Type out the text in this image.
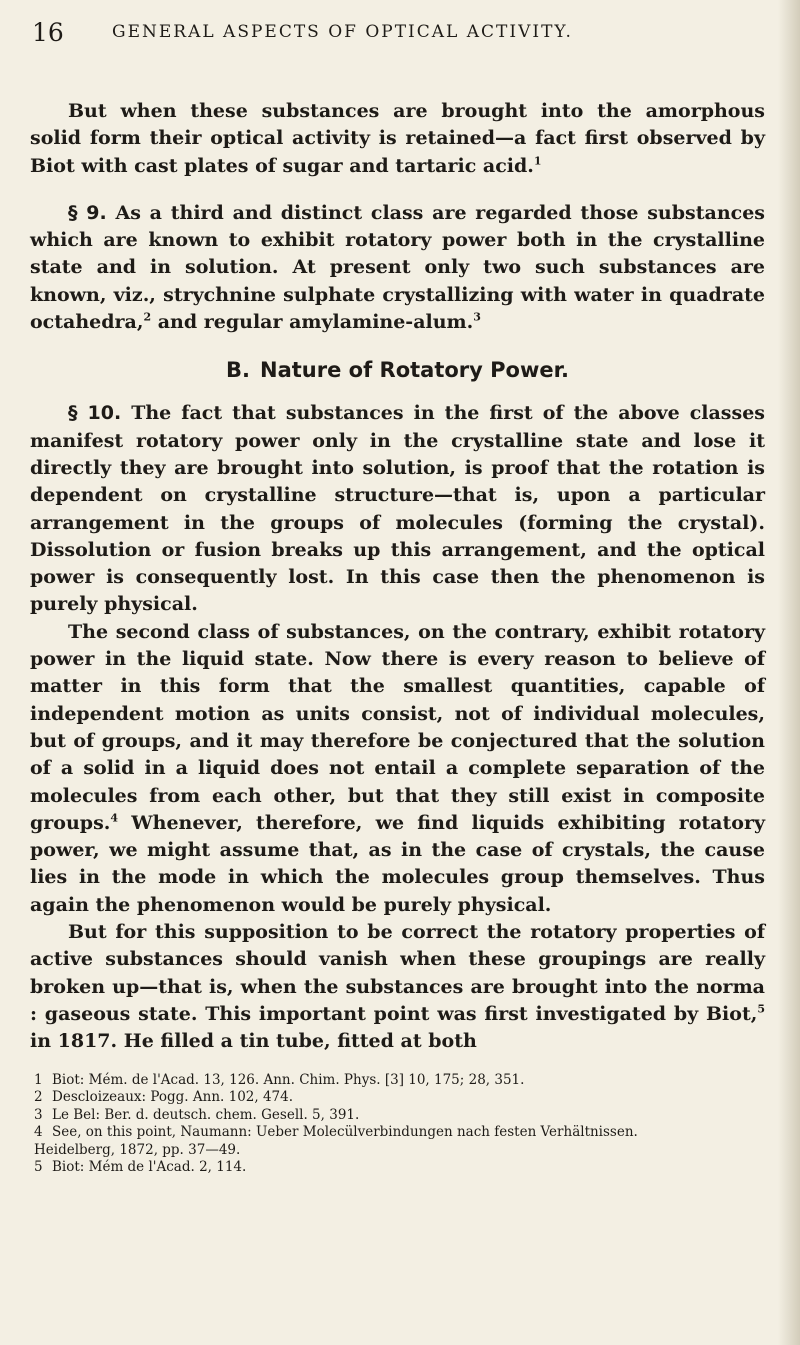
16	GENERAL ASPECTS OF OPTICAL ACTIVITY.

But when these substances are brought into the amorphous solid form their optical activity is retained—a fact first observed by Biot with cast plates of sugar and tartaric acid.$^1$

§ 9. As a third and distinct class are regarded those substances which are known to exhibit rotatory power both in the crystalline state and in solution. At present only two such substances are known, viz., strychnine sulphate crystallizing with water in quadrate octahedra,$^2$ and regular amylamine-alum.$^3$

B. Nature of Rotatory Power.

§ 10. The fact that substances in the first of the above classes manifest rotatory power only in the crystalline state and lose it directly they are brought into solution, is proof that the rotation is dependent on crystalline structure—that is, upon a particular arrangement in the groups of molecules (forming the crystal). Dissolution or fusion breaks up this arrangement, and the optical power is consequently lost. In this case then the phenomenon is purely physical.

The second class of substances, on the contrary, exhibit rotatory power in the liquid state. Now there is every reason to believe of matter in this form that the smallest quantities, capable of independent motion as units consist, not of individual molecules, but of groups, and it may therefore be conjectured that the solution of a solid in a liquid does not entail a complete separation of the molecules from each other, but that they still exist in composite groups.$^4$ Whenever, therefore, we find liquids exhibiting rotatory power, we might assume that, as in the case of crystals, the cause lies in the mode in which the molecules group themselves. Thus again the phenomenon would be purely physical.

But for this supposition to be correct the rotatory properties of active substances should vanish when these groupings are really broken up—that is, when the substances are brought into the norma : gaseous state. This important point was first investigated by Biot,$^5$ in 1817. He filled a tin tube, fitted at both

1 Biot: Mém. de l'Acad. 13, 126. Ann. Chim. Phys. [3] 10, 175; 28, 351.
2 Descloizeaux: Pogg. Ann. 102, 474.
3 Le Bel: Ber. d. deutsch. chem. Gesell. 5, 391.
4 See, on this point, Naumann: Ueber Molecülverbindungen nach festen Verhältnissen.
Heidelberg, 1872, pp. 37—49.
5 Biot: Mém de l'Acad. 2, 114.
